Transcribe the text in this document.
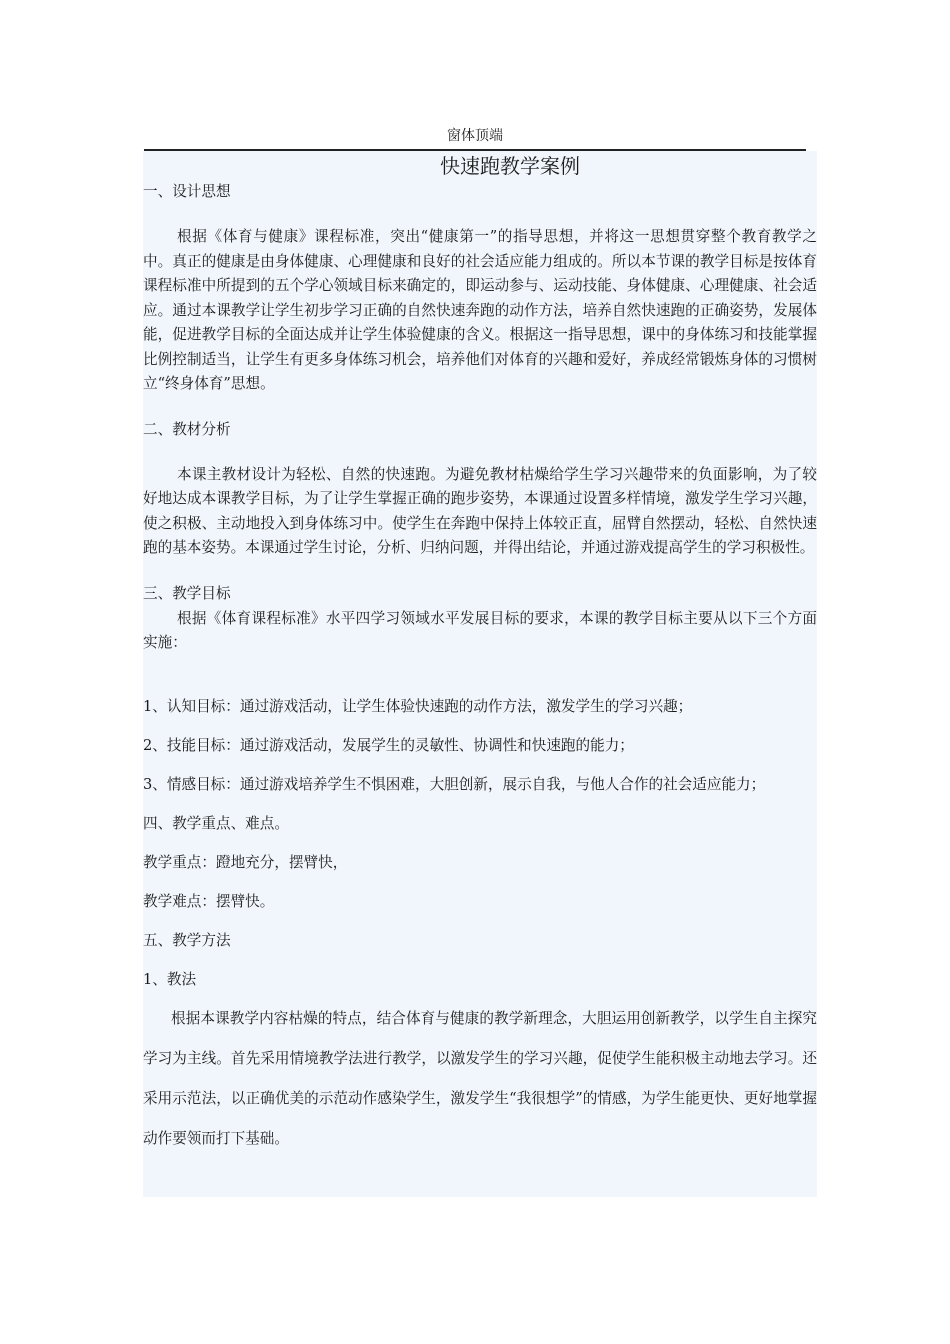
窗体顶端
快速跑教学案例

一、设计思想

根据《体育与健康》课程标准，突出“健康第一”的指导思想，并将这一思想贯穿整个教育教学之中。真正的健康是由身体健康、心理健康和良好的社会适应能力组成的。所以本节课的教学目标是按体育课程标准中所提到的五个学心领域目标来确定的，即运动参与、运动技能、身体健康、心理健康、社会适应。通过本课教学让学生初步学习正确的自然快速奔跑的动作方法，培养自然快速跑的正确姿势，发展体能，促进教学目标的全面达成并让学生体验健康的含义。根据这一指导思想，课中的身体练习和技能掌握比例控制适当，让学生有更多身体练习机会，培养他们对体育的兴趣和爱好，养成经常锻炼身体的习惯树立“终身体育”思想。

二、教材分析

本课主教材设计为轻松、自然的快速跑。为避免教材枯燥给学生学习兴趣带来的负面影响，为了较好地达成本课教学目标，为了让学生掌握正确的跑步姿势，本课通过设置多样情境，激发学生学习兴趣，使之积极、主动地投入到身体练习中。使学生在奔跑中保持上体较正直，屈臂自然摆动，轻松、自然快速跑的基本姿势。本课通过学生讨论，分析、归纳问题，并得出结论，并通过游戏提高学生的学习积极性。

三、教学目标

根据《体育课程标准》水平四学习领域水平发展目标的要求，本课的教学目标主要从以下三个方面实施：

1、认知目标：通过游戏活动，让学生体验快速跑的动作方法，激发学生的学习兴趣；

2、技能目标：通过游戏活动，发展学生的灵敏性、协调性和快速跑的能力；

3、情感目标：通过游戏培养学生不惧困难，大胆创新，展示自我，与他人合作的社会适应能力；

四、教学重点、难点。

教学重点：蹬地充分，摆臂快，

教学难点：摆臂快。

五、教学方法

1、教法

根据本课教学内容枯燥的特点，结合体育与健康的教学新理念，大胆运用创新教学，以学生自主探究学习为主线。首先采用情境教学法进行教学，以激发学生的学习兴趣，促使学生能积极主动地去学习。还采用示范法，以正确优美的示范动作感染学生，激发学生“我很想学”的情感，为学生能更快、更好地掌握动作要领而打下基础。
